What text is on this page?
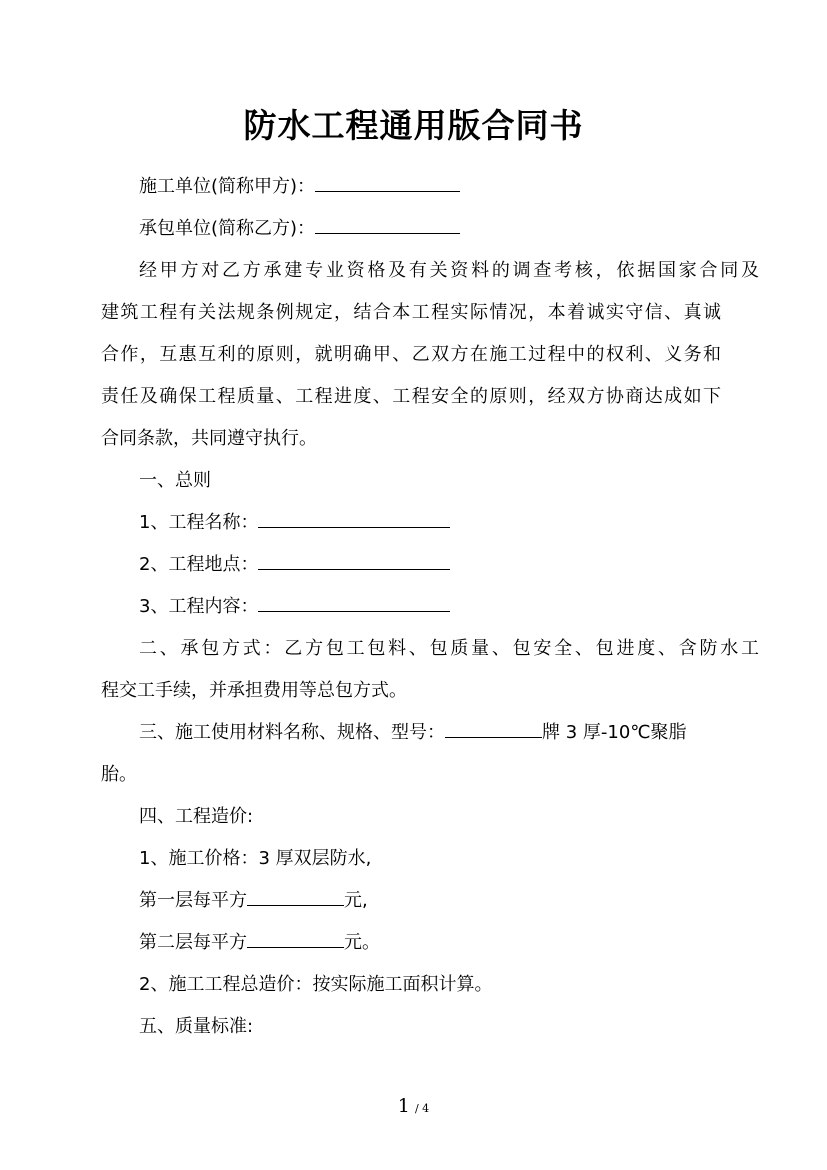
防水工程通用版合同书
施工单位(简称甲方)：
承包单位(简称乙方)：
经甲方对乙方承建专业资格及有关资料的调查考核，依据国家合同及
建筑工程有关法规条例规定，结合本工程实际情况，本着诚实守信、真诚
合作，互惠互利的原则，就明确甲、乙双方在施工过程中的权利、义务和
责任及确保工程质量、工程进度、工程安全的原则，经双方协商达成如下
合同条款，共同遵守执行。
一、总则
1、工程名称：
2、工程地点：
3、工程内容：
二、承包方式：乙方包工包料、包质量、包安全、包进度、含防水工
程交工手续，并承担费用等总包方式。
三、施工使用材料名称、规格、型号：	牌 3 厚-10℃聚脂
胎。
四、工程造价:
1、施工价格：3 厚双层防水,
第一层每平方	元,
第二层每平方	元。
2、施工工程总造价：按实际施工面积计算。
五、质量标准:
1 / 4
